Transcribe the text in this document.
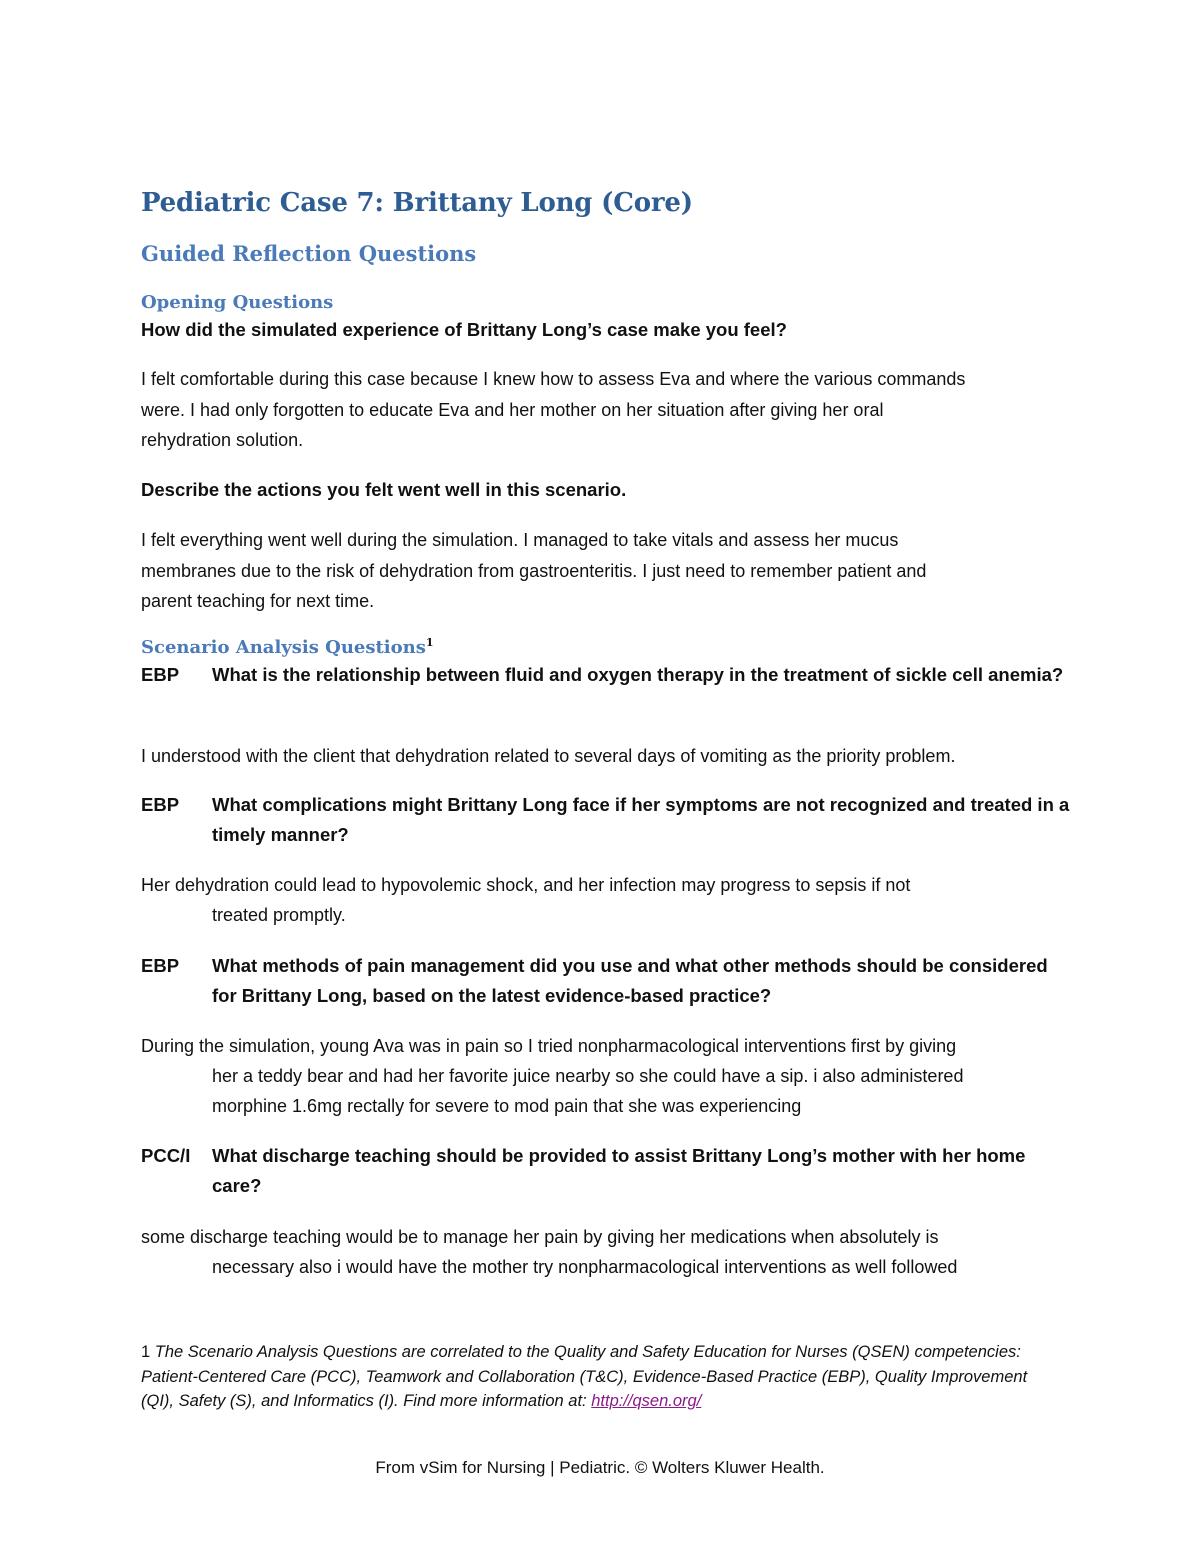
Pediatric Case 7: Brittany Long (Core)
Guided Reflection Questions
Opening Questions
How did the simulated experience of Brittany Long’s case make you feel?
I felt comfortable during this case because I knew how to assess Eva and where the various commands
were. I had only forgotten to educate Eva and her mother on her situation after giving her oral
rehydration solution.
Describe the actions you felt went well in this scenario.
I felt everything went well during the simulation. I managed to take vitals and assess her mucus
membranes due to the risk of dehydration from gastroenteritis. I just need to remember patient and
parent teaching for next time.
Scenario Analysis Questions$^1$
EBP What is the relationship between fluid and oxygen therapy in the treatment of sickle cell anemia?
I understood with the client that dehydration related to several days of vomiting as the priority problem.
EBP What complications might Brittany Long face if her symptoms are not recognized and treated in a timely manner?
Her dehydration could lead to hypovolemic shock, and her infection may progress to sepsis if not
treated promptly.
EBP What methods of pain management did you use and what other methods should be considered for Brittany Long, based on the latest evidence-based practice?
During the simulation, young Ava was in pain so I tried nonpharmacological interventions first by giving
her a teddy bear and had her favorite juice nearby so she could have a sip. i also administered
morphine 1.6mg rectally for severe to mod pain that she was experiencing
PCC/I What discharge teaching should be provided to assist Brittany Long’s mother with her home care?
some discharge teaching would be to manage her pain by giving her medications when absolutely is
necessary also i would have the mother try nonpharmacological interventions as well followed
1 The Scenario Analysis Questions are correlated to the Quality and Safety Education for Nurses (QSEN) competencies: Patient-Centered Care (PCC), Teamwork and Collaboration (T&C), Evidence-Based Practice (EBP), Quality Improvement (QI), Safety (S), and Informatics (I). Find more information at: http://qsen.org/
From vSim for Nursing | Pediatric. © Wolters Kluwer Health.
